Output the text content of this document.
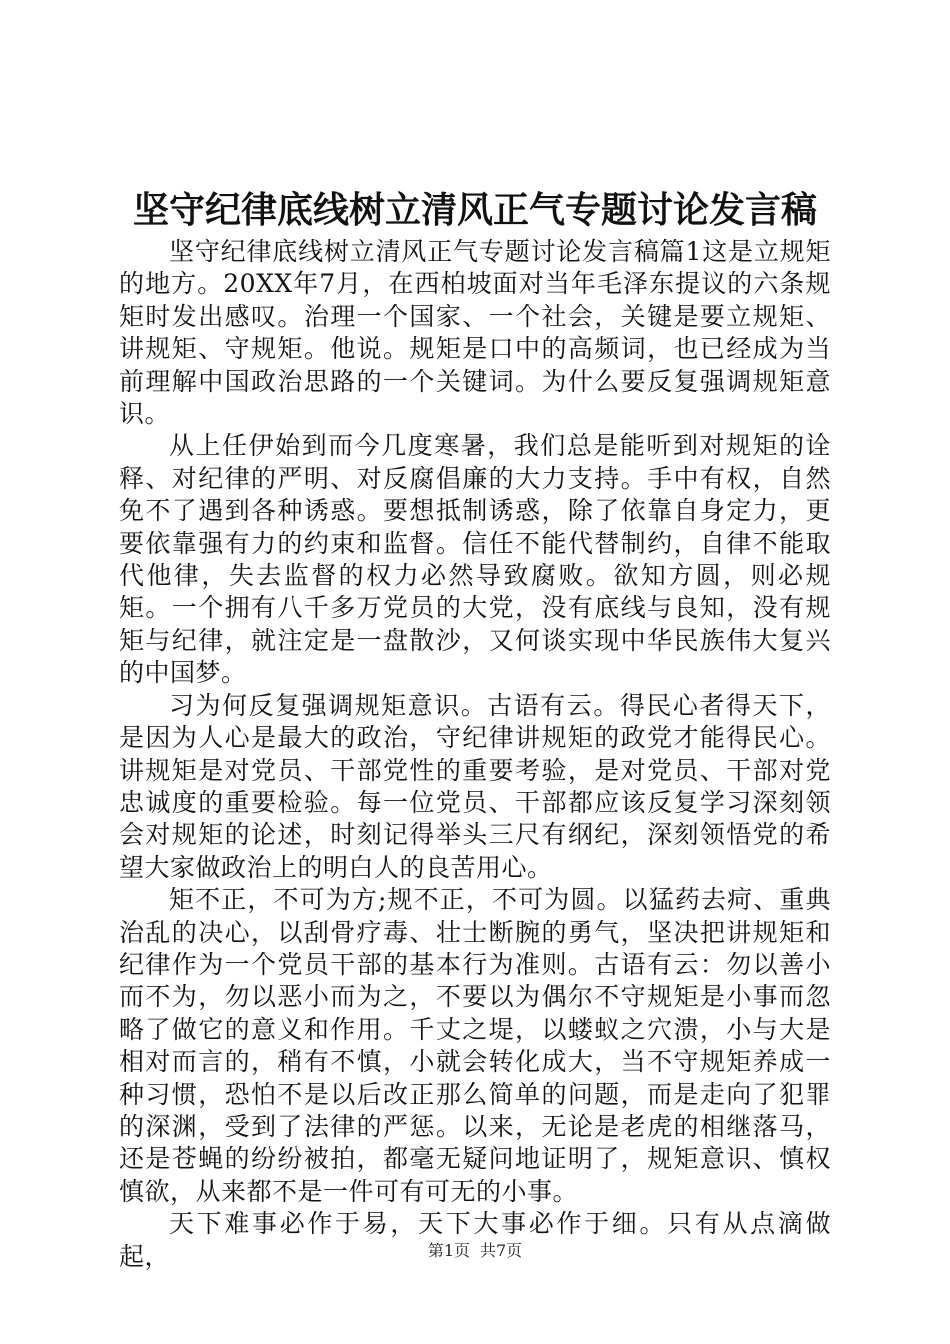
坚守纪律底线树立清风正气专题讨论发言稿

坚守纪律底线树立清风正气专题讨论发言稿篇1这是立规矩的地方。20XX年7月，在西柏坡面对当年毛泽东提议的六条规矩时发出感叹。治理一个国家、一个社会，关键是要立规矩、讲规矩、守规矩。他说。规矩是口中的高频词，也已经成为当前理解中国政治思路的一个关键词。为什么要反复强调规矩意识。

从上任伊始到而今几度寒暑，我们总是能听到对规矩的诠释、对纪律的严明、对反腐倡廉的大力支持。手中有权，自然免不了遇到各种诱惑。要想抵制诱惑，除了依靠自身定力，更要依靠强有力的约束和监督。信任不能代替制约，自律不能取代他律，失去监督的权力必然导致腐败。欲知方圆，则必规矩。一个拥有八千多万党员的大党，没有底线与良知，没有规矩与纪律，就注定是一盘散沙，又何谈实现中华民族伟大复兴的中国梦。

习为何反复强调规矩意识。古语有云。得民心者得天下，是因为人心是最大的政治，守纪律讲规矩的政党才能得民心。讲规矩是对党员、干部党性的重要考验，是对党员、干部对党忠诚度的重要检验。每一位党员、干部都应该反复学习深刻领会对规矩的论述，时刻记得举头三尺有纲纪，深刻领悟党的希望大家做政治上的明白人的良苦用心。

矩不正，不可为方;规不正，不可为圆。以猛药去疴、重典治乱的决心，以刮骨疗毒、壮士断腕的勇气，坚决把讲规矩和纪律作为一个党员干部的基本行为准则。古语有云：勿以善小而不为，勿以恶小而为之，不要以为偶尔不守规矩是小事而忽略了做它的意义和作用。千丈之堤，以蝼蚁之穴溃，小与大是相对而言的，稍有不慎，小就会转化成大，当不守规矩养成一种习惯，恐怕不是以后改正那么简单的问题，而是走向了犯罪的深渊，受到了法律的严惩。以来，无论是老虎的相继落马，还是苍蝇的纷纷被拍，都毫无疑问地证明了，规矩意识、慎权慎欲，从来都不是一件可有可无的小事。

天下难事必作于易，天下大事必作于细。只有从点滴做起，	第1页 共7页
